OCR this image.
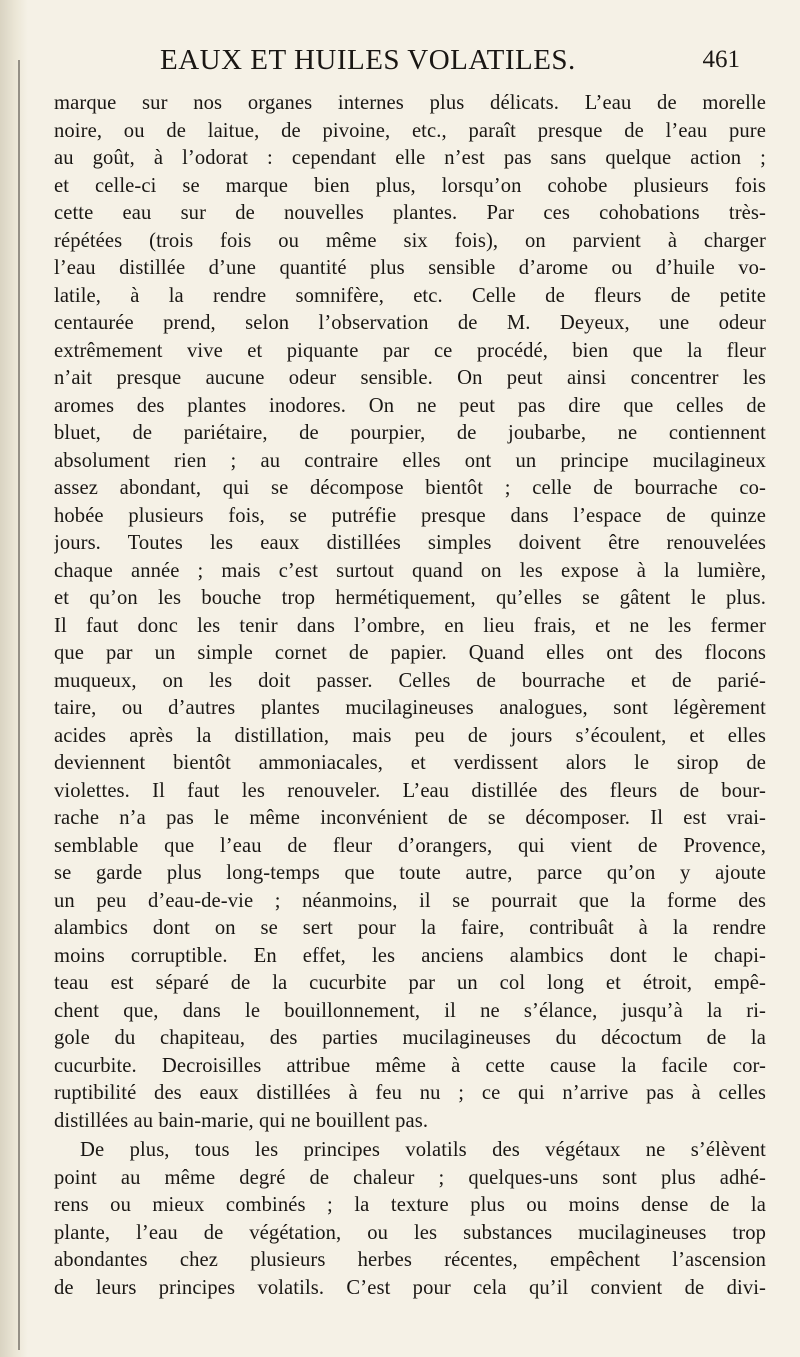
EAUX ET HUILES VOLATILES.	461
marque sur nos organes internes plus délicats. L’eau de morelle
noire, ou de laitue, de pivoine, etc., paraît presque de l’eau pure
au goût, à l’odorat : cependant elle n’est pas sans quelque action ;
et celle-ci se marque bien plus, lorsqu’on cohobe plusieurs fois
cette eau sur de nouvelles plantes. Par ces cohobations très-
répétées (trois fois ou même six fois), on parvient à charger
l’eau distillée d’une quantité plus sensible d’arome ou d’huile vo-
latile, à la rendre somnifère, etc. Celle de fleurs de petite
centaurée prend, selon l’observation de M. Deyeux, une odeur
extrêmement vive et piquante par ce procédé, bien que la fleur
n’ait presque aucune odeur sensible. On peut ainsi concentrer les
aromes des plantes inodores. On ne peut pas dire que celles de
bluet, de pariétaire, de pourpier, de joubarbe, ne contiennent
absolument rien ; au contraire elles ont un principe mucilagineux
assez abondant, qui se décompose bientôt ; celle de bourrache co-
hobée plusieurs fois, se putréfie presque dans l’espace de quinze
jours. Toutes les eaux distillées simples doivent être renouvelées
chaque année ; mais c’est surtout quand on les expose à la lumière,
et qu’on les bouche trop hermétiquement, qu’elles se gâtent le plus.
Il faut donc les tenir dans l’ombre, en lieu frais, et ne les fermer
que par un simple cornet de papier. Quand elles ont des flocons
muqueux, on les doit passer. Celles de bourrache et de parié-
taire, ou d’autres plantes mucilagineuses analogues, sont légèrement
acides après la distillation, mais peu de jours s’écoulent, et elles
deviennent bientôt ammoniacales, et verdissent alors le sirop de
violettes. Il faut les renouveler. L’eau distillée des fleurs de bour-
rache n’a pas le même inconvénient de se décomposer. Il est vrai-
semblable que l’eau de fleur d’orangers, qui vient de Provence,
se garde plus long-temps que toute autre, parce qu’on y ajoute
un peu d’eau-de-vie ; néanmoins, il se pourrait que la forme des
alambics dont on se sert pour la faire, contribuât à la rendre
moins corruptible. En effet, les anciens alambics dont le chapi-
teau est séparé de la cucurbite par un col long et étroit, empê-
chent que, dans le bouillonnement, il ne s’élance, jusqu’à la ri-
gole du chapiteau, des parties mucilagineuses du décoctum de la
cucurbite. Decroisilles attribue même à cette cause la facile cor-
ruptibilité des eaux distillées à feu nu ; ce qui n’arrive pas à celles
distillées au bain-marie, qui ne bouillent pas.
De plus, tous les principes volatils des végétaux ne s’élèvent
point au même degré de chaleur ; quelques-uns sont plus adhé-
rens ou mieux combinés ; la texture plus ou moins dense de la
plante, l’eau de végétation, ou les substances mucilagineuses trop
abondantes chez plusieurs herbes récentes, empêchent l’ascension
de leurs principes volatils. C’est pour cela qu’il convient de divi-
